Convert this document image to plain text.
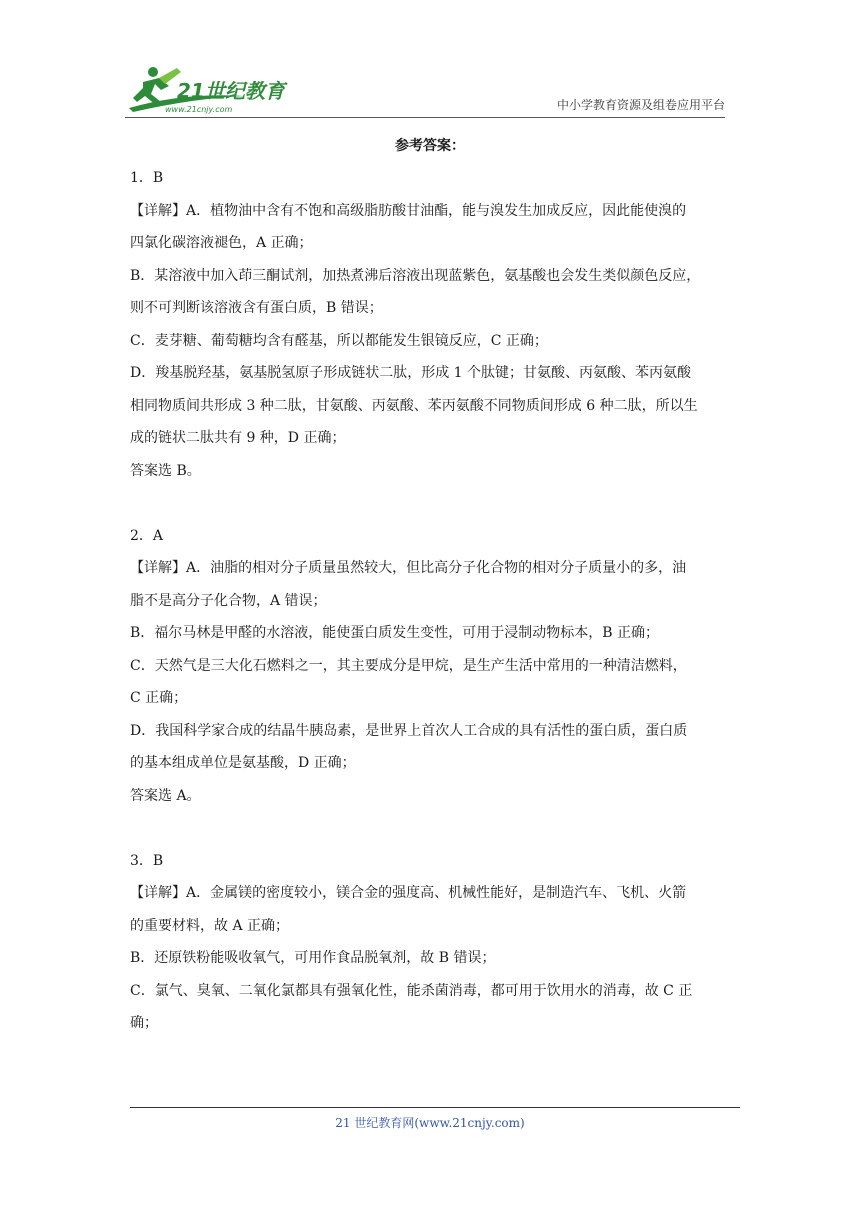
21世纪教育
www.21cnjy.com	中小学教育资源及组卷应用平台

参考答案：

1．B

【详解】A．植物油中含有不饱和高级脂肪酸甘油酯，能与溴发生加成反应，因此能使溴的

四氯化碳溶液褪色，A 正确；

B．某溶液中加入茚三酮试剂，加热煮沸后溶液出现蓝紫色，氨基酸也会发生类似颜色反应，

则不可判断该溶液含有蛋白质，B 错误；

C．麦芽糖、葡萄糖均含有醛基，所以都能发生银镜反应，C 正确；

D．羧基脱羟基，氨基脱氢原子形成链状二肽，形成 1 个肽键；甘氨酸、丙氨酸、苯丙氨酸

相同物质间共形成 3 种二肽，甘氨酸、丙氨酸、苯丙氨酸不同物质间形成 6 种二肽，所以生

成的链状二肽共有 9 种，D 正确；

答案选 B。

2．A

【详解】A．油脂的相对分子质量虽然较大，但比高分子化合物的相对分子质量小的多，油

脂不是高分子化合物，A 错误；

B．福尔马林是甲醛的水溶液，能使蛋白质发生变性，可用于浸制动物标本，B 正确；

C．天然气是三大化石燃料之一，其主要成分是甲烷，是生产生活中常用的一种清洁燃料，

C 正确；

D．我国科学家合成的结晶牛胰岛素，是世界上首次人工合成的具有活性的蛋白质，蛋白质

的基本组成单位是氨基酸，D 正确；

答案选 A。

3．B

【详解】A．金属镁的密度较小，镁合金的强度高、机械性能好，是制造汽车、飞机、火箭

的重要材料，故 A 正确；

B．还原铁粉能吸收氧气，可用作食品脱氧剂，故 B 错误；

C．氯气、臭氧、二氧化氯都具有强氧化性，能杀菌消毒，都可用于饮用水的消毒，故 C 正

确；

21 世纪教育网(www.21cnjy.com)
